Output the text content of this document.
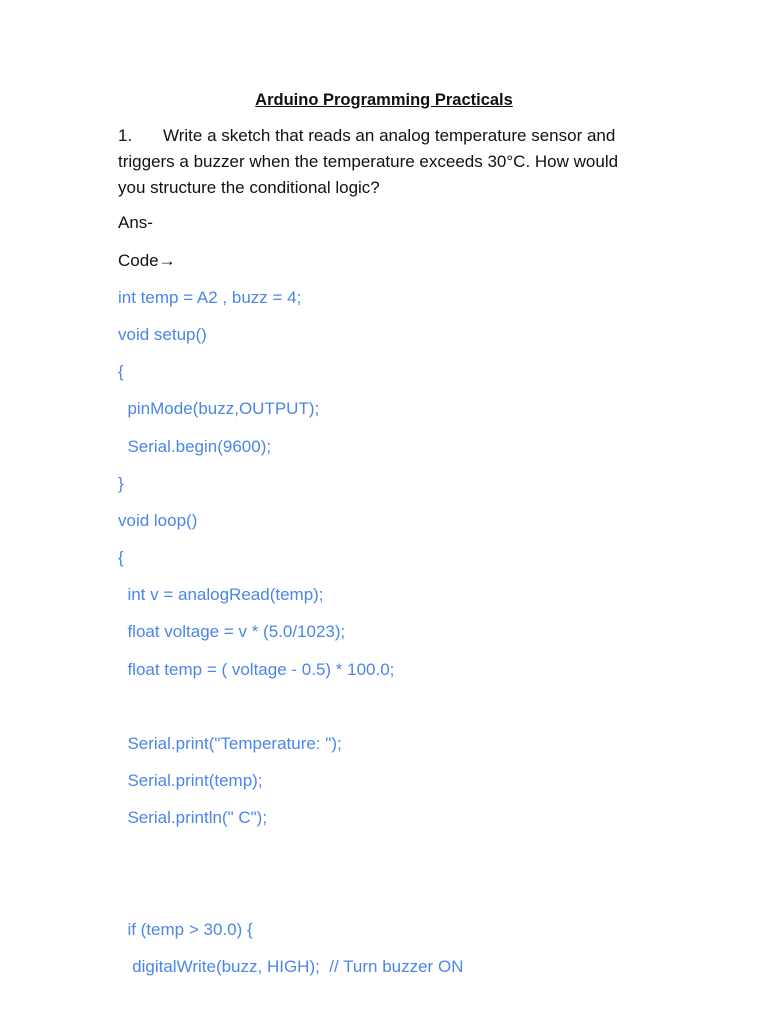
Arduino Programming Practicals
1. Write a sketch that reads an analog temperature sensor and triggers a buzzer when the temperature exceeds 30°C. How would you structure the conditional logic?
Ans-
Code→
int temp = A2 , buzz = 4;
void setup()
{
pinMode(buzz,OUTPUT);
Serial.begin(9600);
}
void loop()
{
int v = analogRead(temp);
float voltage = v * (5.0/1023);
float temp = ( voltage - 0.5) * 100.0;
Serial.print("Temperature: ");
Serial.print(temp);
Serial.println(" C");
if (temp > 30.0) {
digitalWrite(buzz, HIGH);  // Turn buzzer ON
